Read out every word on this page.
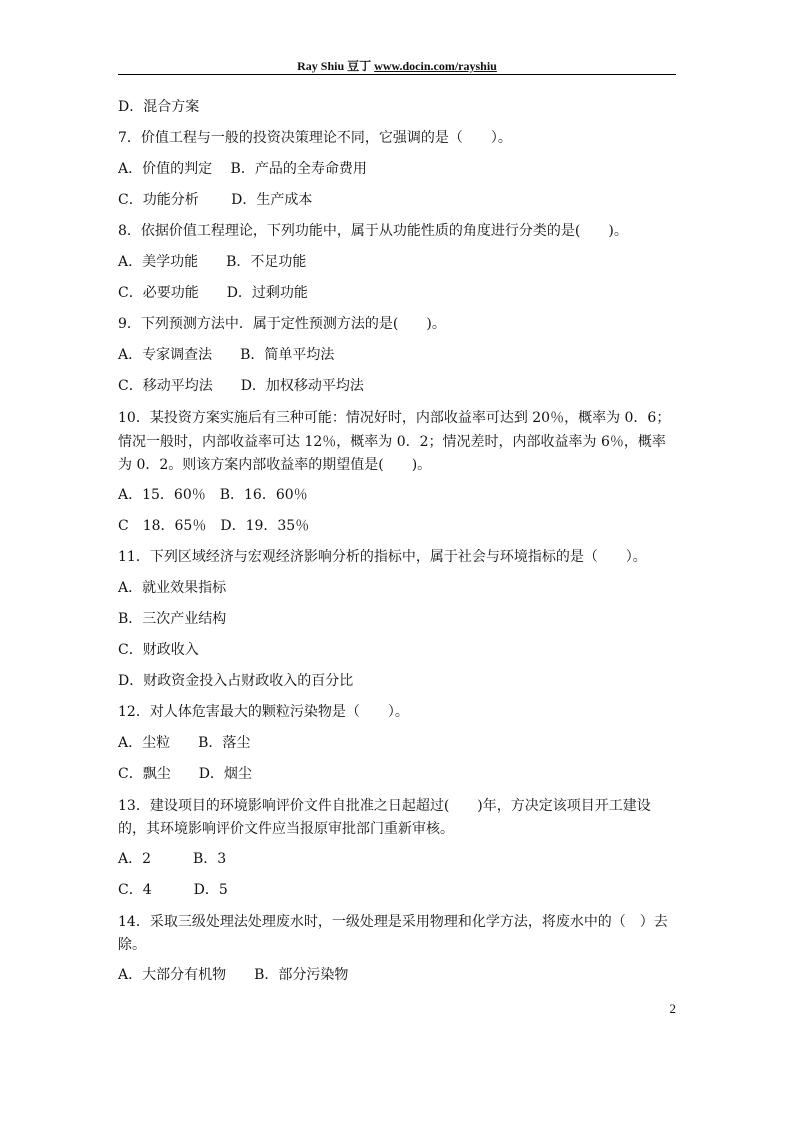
Ray Shiu 豆丁 www.docin.com/rayshiu
D．混合方案
7．价值工程与一般的投资决策理论不同，它强调的是（　　）。
A．价值的判定　 B．产品的全寿命费用
C．功能分析　　 D．生产成本
8．依据价值工程理论，下列功能中，属于从功能性质的角度进行分类的是(　　)。
A．美学功能　　B．不足功能
C．必要功能　　D．过剩功能
9．下列预测方法中．属于定性预测方法的是(　　)。
A．专家调查法　　B．简单平均法
C．移动平均法　　D．加权移动平均法
10．某投资方案实施后有三种可能：情况好时，内部收益率可达到 20％，概率为 0．6；情况一般时，内部收益率可达 12％，概率为 0．2；情况差时，内部收益率为 6％，概率为 0．2。则该方案内部收益率的期望值是(　　)。
A．15．60％　B．16．60％
C　18．65％　D．19．35％
11．下列区域经济与宏观经济影响分析的指标中，属于社会与环境指标的是（　　）。
A．就业效果指标
B．三次产业结构
C．财政收入
D．财政资金投入占财政收入的百分比
12．对人体危害最大的颗粒污染物是（　　）。
A．尘粒　　B．落尘
C．飘尘　　D．烟尘
13．建设项目的环境影响评价文件自批准之日起超过(　　)年，方决定该项目开工建设的，其环境影响评价文件应当报原审批部门重新审核。
A．2　　　B．3
C．4　　　D．5
14．采取三级处理法处理废水时，一级处理是采用物理和化学方法，将废水中的（　）去除。
A．大部分有机物　　B．部分污染物
2
